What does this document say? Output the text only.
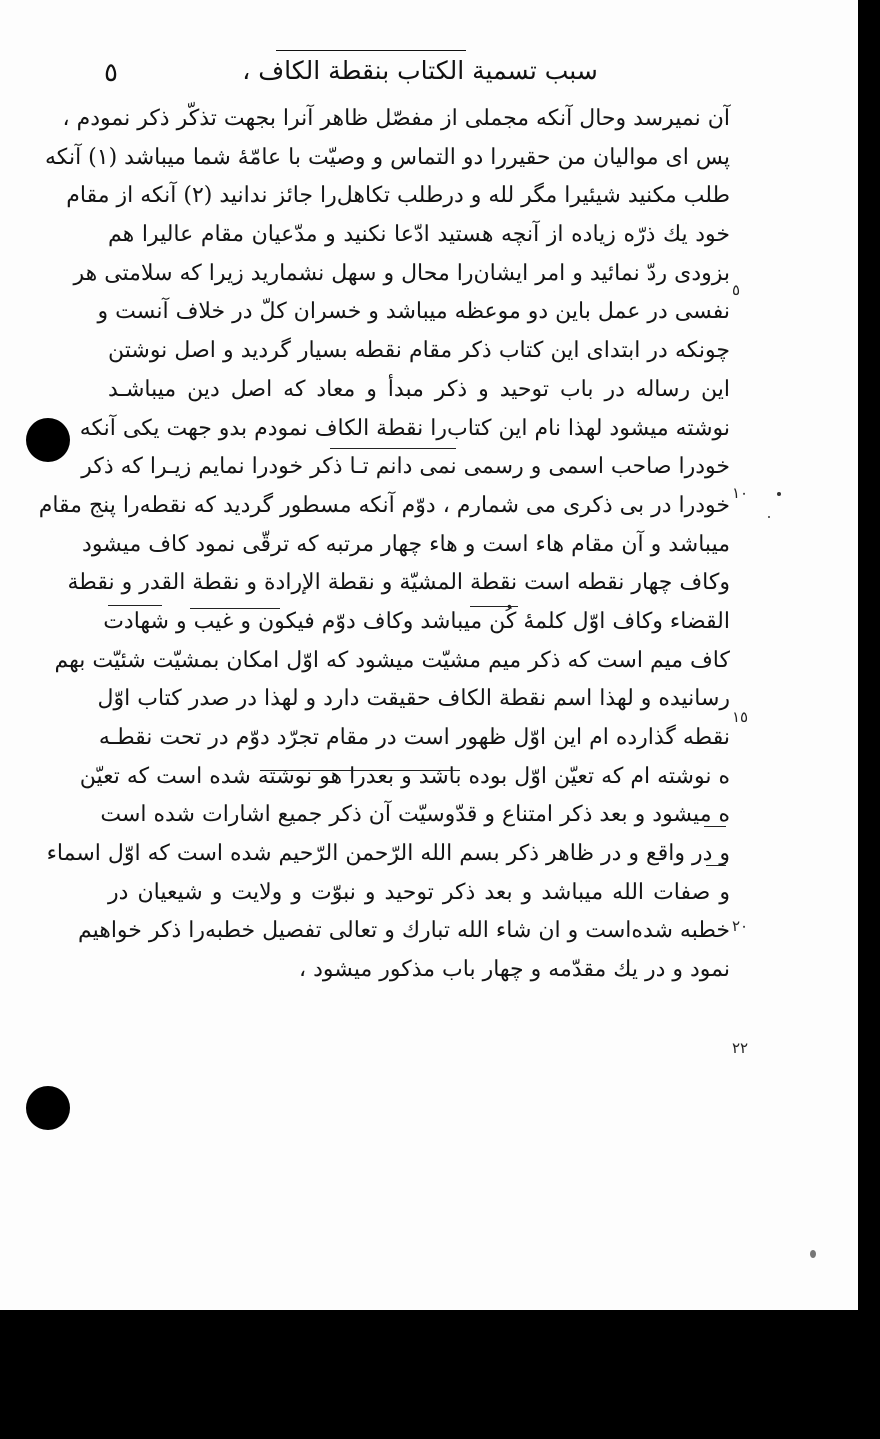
سبب تسمیة الکتاب بنقطة الکاف ،
٥
آن نمیرسد وحال آنکه مجملی از مفصّل ظاهر آنرا بجهت تذکّر ذکر نمودم ،
پس ای موالیان من حقیررا دو التماس و وصیّت با عامّهٔ شما میباشد (١) آنکه
طلب مکنید شیئیرا مگر لله و درطلب تکاهل‌را جائز ندانید (٢) آنکه از مقام
خود یك ذرّه زیاده از آنچه هستید ادّعا نکنید و مدّعیان مقام عالیرا هم
بزودی ردّ نمائید و امر ایشان‌را محال و سهل نشمارید زیرا که سلامتی هر
نفسی در عمل باین دو موعظه میباشد و خسران کلّ در خلاف آنست و
چونکه در ابتدای این کتاب ذکر مقام نقطه بسیار گردید و اصل نوشتن
این رساله در باب توحید و ذکر مبدأ و معاد که اصل دین میباشـد
نوشته میشود لهذا نام این کتاب‌را نقطة الکاف نمودم بدو جهت یکی آنکه
خودرا صاحب اسمی و رسمی نمی دانم تـا ذکر خودرا نمایم زیـرا که ذکر
خودرا در بی ذکری می شمارم ، دوّم آنکه مسطور گردید که نقطه‌را پنج مقام
میباشد و آن مقام هاء است و هاء چهار مرتبه که ترقّی نمود کاف میشود
وکاف چهار نقطه است نقطة المشیّة و نقطة الإرادة و نقطة القدر و نقطة
القضاء وکاف اوّل کلمهٔ کُن میباشد وکاف دوّم فیکون و غیب و شهادت
کاف میم است که ذکر میم مشیّت میشود که اوّل امکان بمشیّت شئیّت بهم
رسانیده و لهذا اسم نقطة الکاف حقیقت دارد و لهذا در صدر کتاب اوّل
نقطه گذارده ام این اوّل ظهور است در مقام تجرّد دوّم در تحت نقطـه
ه نوشته ام که تعیّن اوّل بوده باشد و بعدرا هو نوشته شده است که تعیّن
ه میشود و بعد ذکر امتناع و قدّوسیّت آن ذکر جمیع اشارات شده است
و در واقع و در ظاهر ذکر بسم الله الرّحمن الرّحیم شده است که اوّل اسماء
و صفات الله میباشد و بعد ذکر توحید و نبوّت و ولایت و شیعیان در
خطبه شده‌است و ان شاء الله تبارك و تعالی تفصیل خطبه‌را ذکر خواهیم
نمود و در یك مقدّمه و چهار باب مذکور میشود ،
٥
١٠
١٥
٢٠
٢٢
